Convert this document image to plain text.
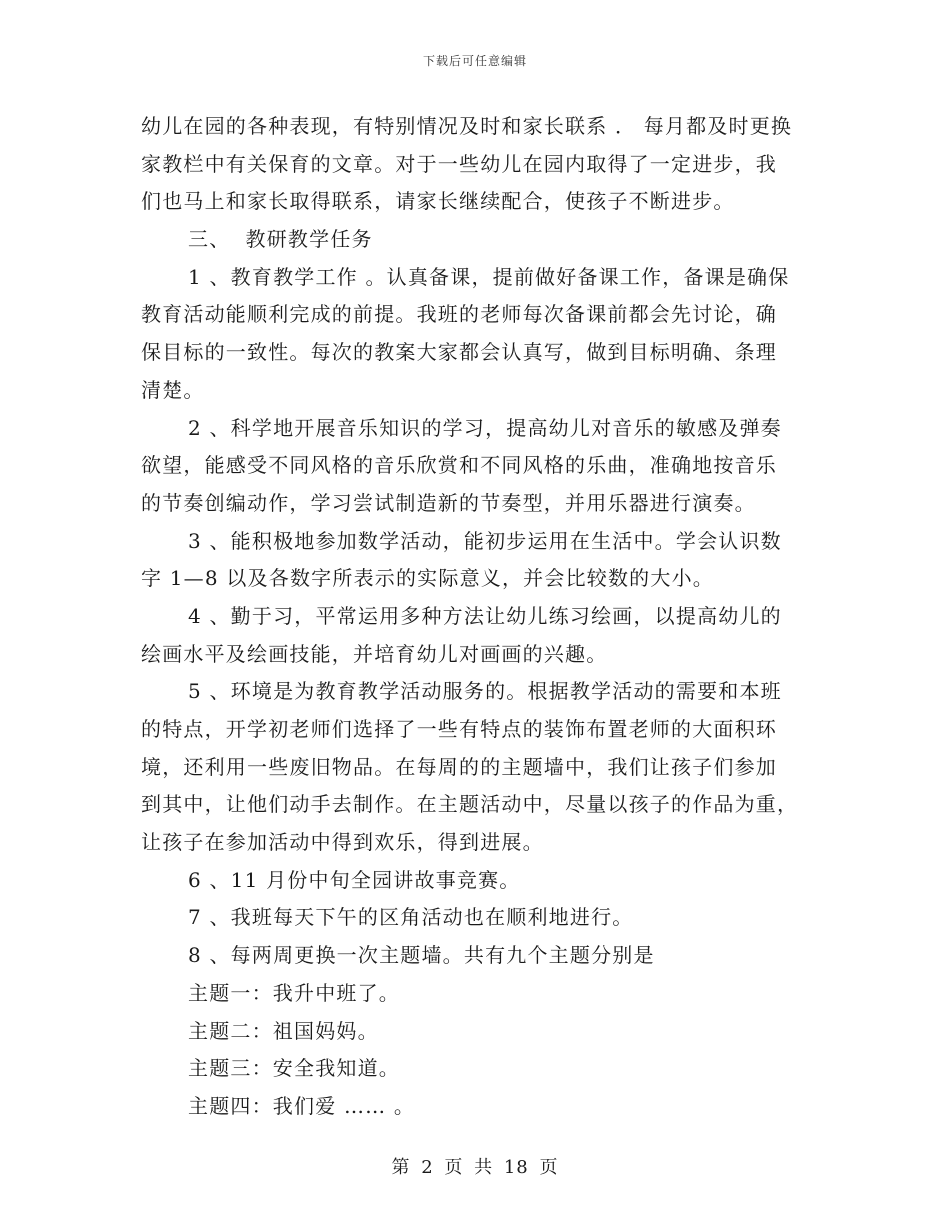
下载后可任意编辑
幼儿在园的各种表现，有特别情况及时和家长联系 ． 每月都及时更换
家教栏中有关保育的文章。对于一些幼儿在园内取得了一定进步，我
们也马上和家长取得联系，请家长继续配合，使孩子不断进步。
三、  教研教学任务
1 、教育教学工作 。认真备课，提前做好备课工作，备课是确保
教育活动能顺利完成的前提。我班的老师每次备课前都会先讨论，确
保目标的一致性。每次的教案大家都会认真写，做到目标明确、条理
清楚。
2 、科学地开展音乐知识的学习，提高幼儿对音乐的敏感及弹奏
欲望，能感受不同风格的音乐欣赏和不同风格的乐曲，准确地按音乐
的节奏创编动作，学习尝试制造新的节奏型，并用乐器进行演奏。
3 、能积极地参加数学活动，能初步运用在生活中。学会认识数
字 1—8 以及各数字所表示的实际意义，并会比较数的大小。
4 、勤于习，平常运用多种方法让幼儿练习绘画，以提高幼儿的
绘画水平及绘画技能，并培育幼儿对画画的兴趣。
5 、环境是为教育教学活动服务的。根据教学活动的需要和本班
的特点，开学初老师们选择了一些有特点的装饰布置老师的大面积环
境，还利用一些废旧物品。在每周的的主题墙中，我们让孩子们参加
到其中，让他们动手去制作。在主题活动中，尽量以孩子的作品为重，
让孩子在参加活动中得到欢乐，得到进展。
6 、11 月份中旬全园讲故事竞赛。
7 、我班每天下午的区角活动也在顺利地进行。
8 、每两周更换一次主题墙。共有九个主题分别是
主题一：我升中班了。
主题二：祖国妈妈。
主题三：安全我知道。
主题四：我们爱 …… 。
第 2 页 共 18 页
